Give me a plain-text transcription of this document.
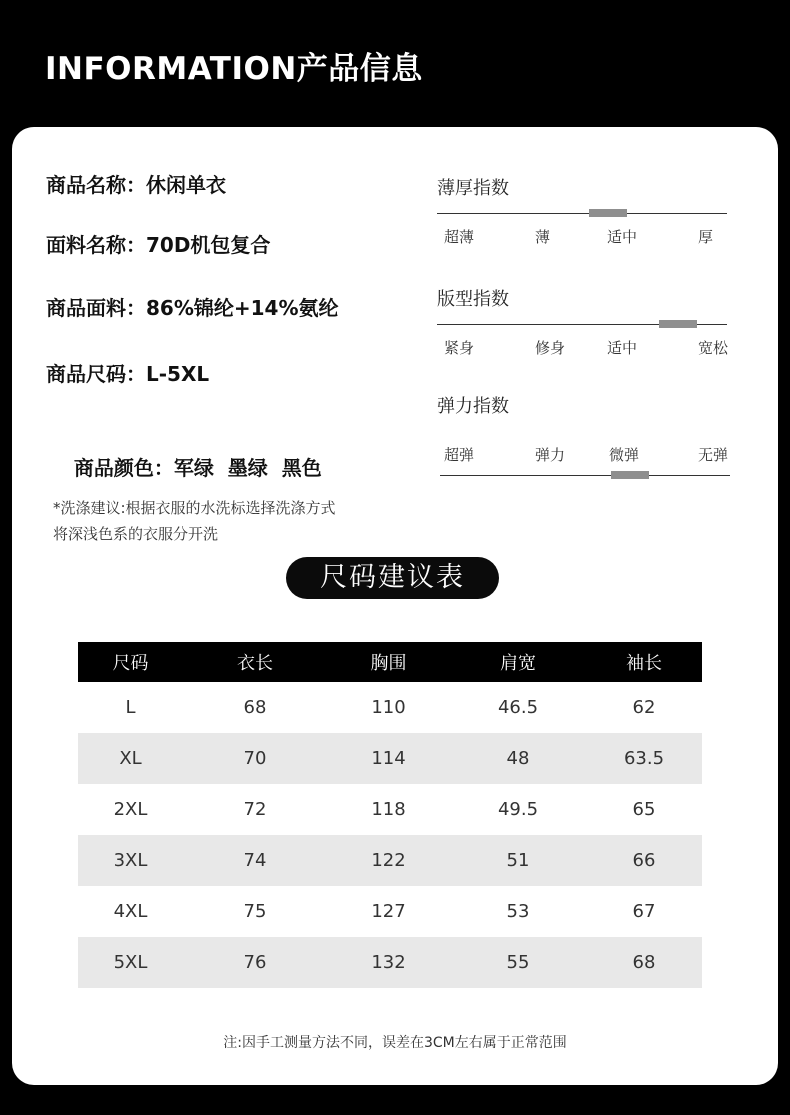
INFORMATION产品信息
商品名称：休闲单衣
面料名称：70D机包复合
商品面料：86%锦纶+14%氨纶
商品尺码：L-5XL

商品颜色：军绿  墨绿  黑色

薄厚指数
超薄	薄	适中	厚
版型指数
紧身	修身	适中	宽松
弹力指数
超弹	弹力	微弹	无弹
*洗涤建议:根据衣服的水洗标选择洗涤方式
将深浅色系的衣服分开洗
尺码建议表
尺码	衣长	胸围	肩宽	袖长
L	68	110	46.5	62
XL	70	114	48	63.5
2XL	72	118	49.5	65
3XL	74	122	51	66
4XL	75	127	53	67
5XL	76	132	55	68
注:因手工测量方法不同，误差在3CM左右属于正常范围
